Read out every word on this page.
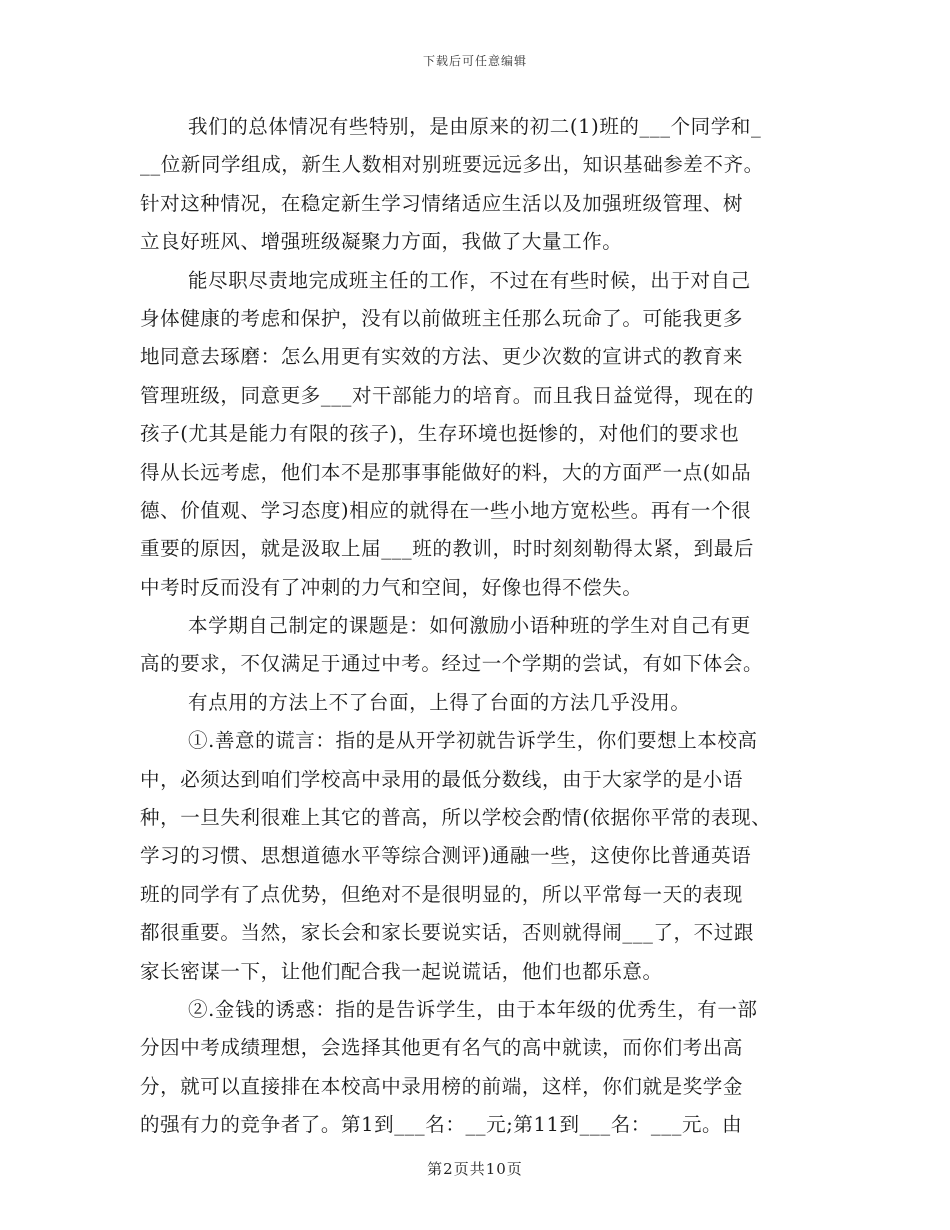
下载后可任意编辑
我们的总体情况有些特别，是由原来的初二(1)班的___个同学和_
__位新同学组成，新生人数相对别班要远远多出，知识基础参差不齐。
针对这种情况，在稳定新生学习情绪适应生活以及加强班级管理、树
立良好班风、增强班级凝聚力方面，我做了大量工作。
能尽职尽责地完成班主任的工作，不过在有些时候，出于对自己
身体健康的考虑和保护，没有以前做班主任那么玩命了。可能我更多
地同意去琢磨：怎么用更有实效的方法、更少次数的宣讲式的教育来
管理班级，同意更多___对干部能力的培育。而且我日益觉得，现在的
孩子(尤其是能力有限的孩子)，生存环境也挺惨的，对他们的要求也
得从长远考虑，他们本不是那事事能做好的料，大的方面严一点(如品
德、价值观、学习态度)相应的就得在一些小地方宽松些。再有一个很
重要的原因，就是汲取上届___班的教训，时时刻刻勒得太紧，到最后
中考时反而没有了冲刺的力气和空间，好像也得不偿失。
本学期自己制定的课题是：如何激励小语种班的学生对自己有更
高的要求，不仅满足于通过中考。经过一个学期的尝试，有如下体会。
有点用的方法上不了台面，上得了台面的方法几乎没用。
①.善意的谎言：指的是从开学初就告诉学生，你们要想上本校高
中，必须达到咱们学校高中录用的最低分数线，由于大家学的是小语
种，一旦失利很难上其它的普高，所以学校会酌情(依据你平常的表现、
学习的习惯、思想道德水平等综合测评)通融一些，这使你比普通英语
班的同学有了点优势，但绝对不是很明显的，所以平常每一天的表现
都很重要。当然，家长会和家长要说实话，否则就得闹___了，不过跟
家长密谋一下，让他们配合我一起说谎话，他们也都乐意。
②.金钱的诱惑：指的是告诉学生，由于本年级的优秀生，有一部
分因中考成绩理想，会选择其他更有名气的高中就读，而你们考出高
分，就可以直接排在本校高中录用榜的前端，这样，你们就是奖学金
的强有力的竞争者了。第1到___名：__元;第11到___名：___元。由
第2页共10页
